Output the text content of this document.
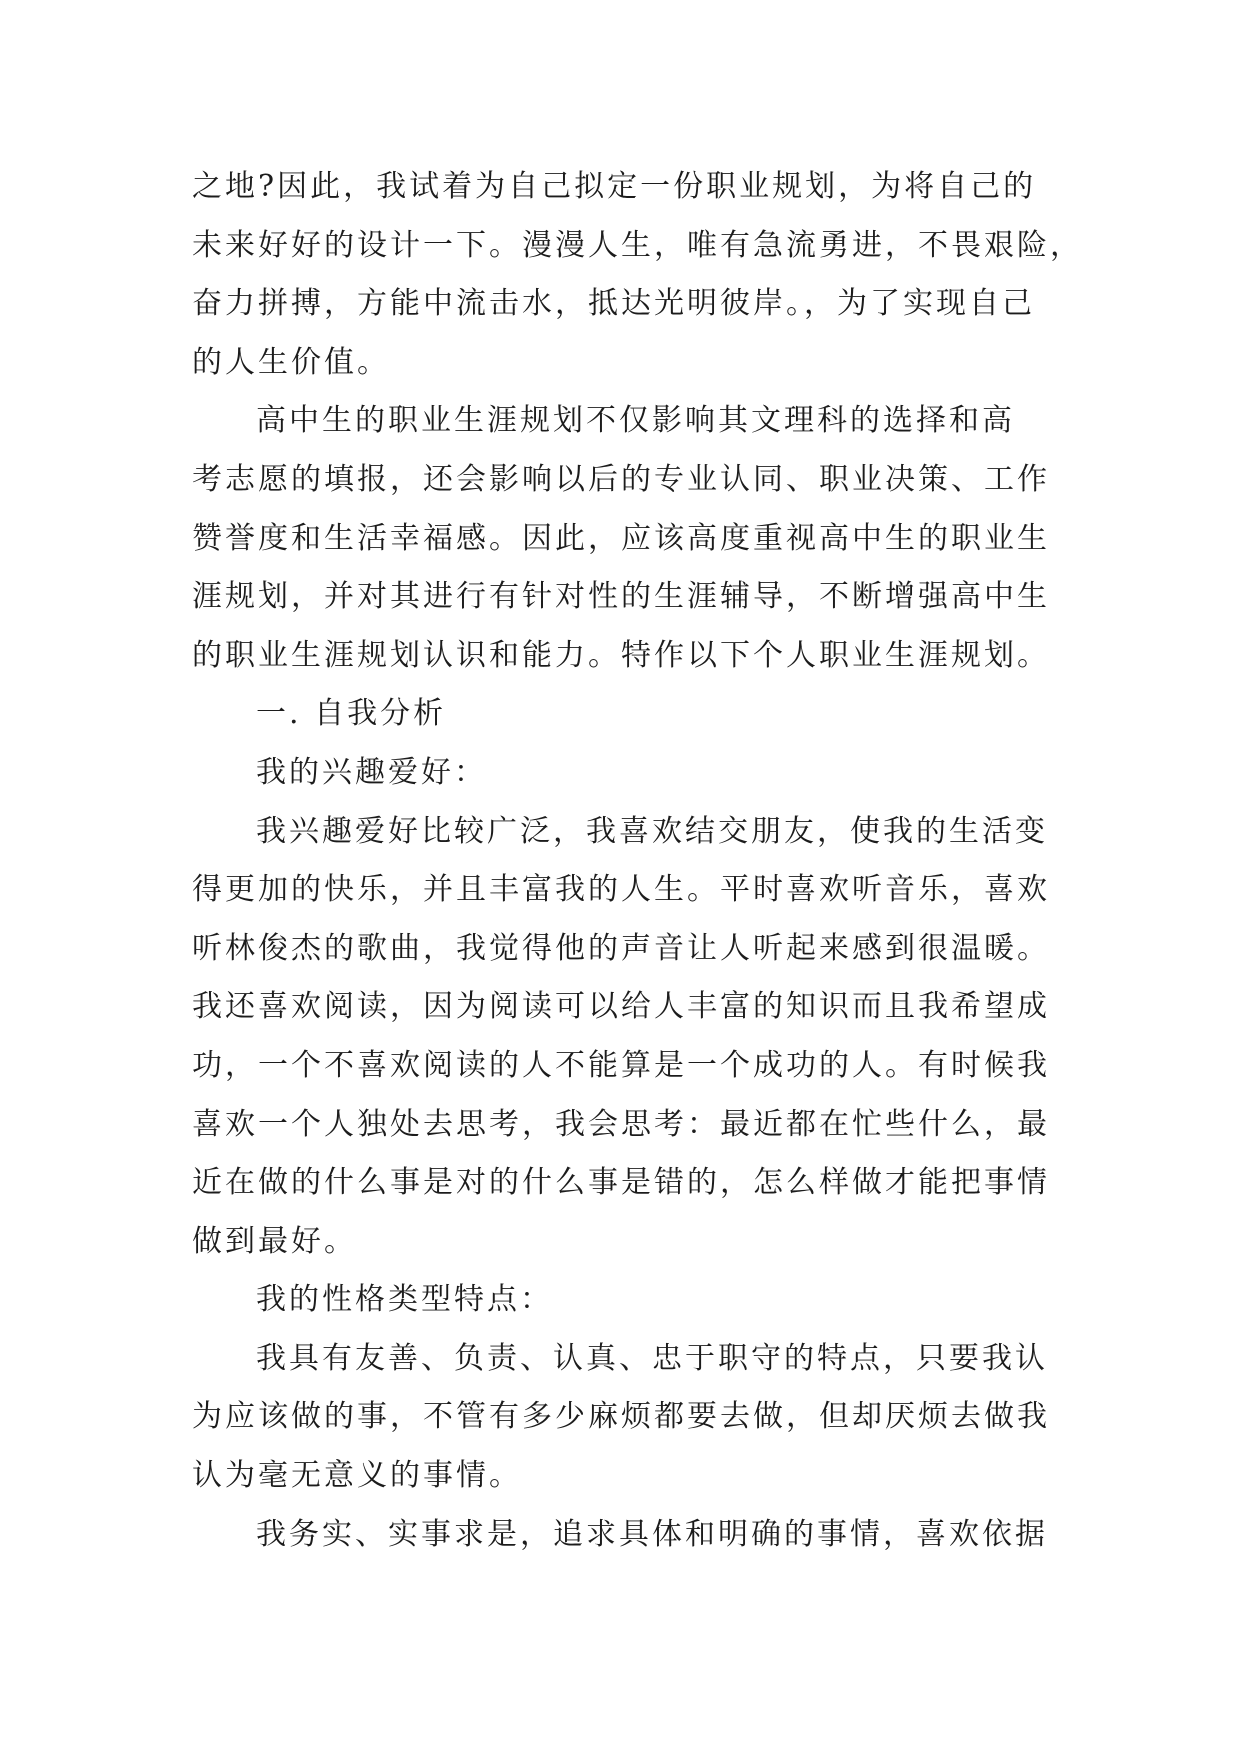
之地?因此，我试着为自己拟定一份职业规划，为将自己的
未来好好的设计一下。漫漫人生，唯有急流勇进，不畏艰险，
奋力拼搏，方能中流击水，抵达光明彼岸。，为了实现自己
的人生价值。
高中生的职业生涯规划不仅影响其文理科的选择和高
考志愿的填报，还会影响以后的专业认同、职业决策、工作
赞誉度和生活幸福感。因此，应该高度重视高中生的职业生
涯规划，并对其进行有针对性的生涯辅导，不断增强高中生
的职业生涯规划认识和能力。特作以下个人职业生涯规划。
一. 自我分析
我的兴趣爱好：
我兴趣爱好比较广泛，我喜欢结交朋友，使我的生活变
得更加的快乐，并且丰富我的人生。平时喜欢听音乐，喜欢
听林俊杰的歌曲，我觉得他的声音让人听起来感到很温暖。
我还喜欢阅读，因为阅读可以给人丰富的知识而且我希望成
功，一个不喜欢阅读的人不能算是一个成功的人。有时候我
喜欢一个人独处去思考，我会思考：最近都在忙些什么，最
近在做的什么事是对的什么事是错的，怎么样做才能把事情
做到最好。
我的性格类型特点：
我具有友善、负责、认真、忠于职守的特点，只要我认
为应该做的事，不管有多少麻烦都要去做，但却厌烦去做我
认为毫无意义的事情。
我务实、实事求是，追求具体和明确的事情，喜欢依据
